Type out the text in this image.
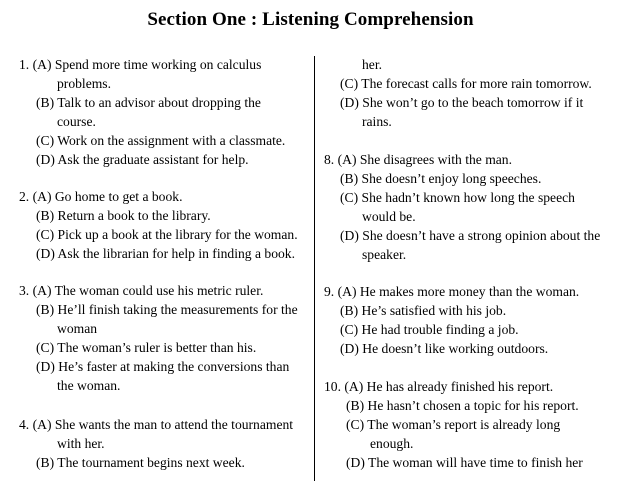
Section One : Listening Comprehension
1. (A) Spend more time working on calculus
problems.
(B) Talk to an advisor about dropping the
course.
(C) Work on the assignment with a classmate.
(D) Ask the graduate assistant for help.
2. (A) Go home to get a book.
(B) Return a book to the library.
(C) Pick up a book at the library for the woman.
(D) Ask the librarian for help in finding a book.
3. (A) The woman could use his metric ruler.
(B) He’ll finish taking the measurements for the
woman
(C) The woman’s ruler is better than his.
(D) He’s faster at making the conversions than
the woman.
4. (A) She wants the man to attend the tournament
with her.
(B) The tournament begins next week.
her.
(C) The forecast calls for more rain tomorrow.
(D) She won’t go to the beach tomorrow if it
rains.
8. (A) She disagrees with the man.
(B) She doesn’t enjoy long speeches.
(C) She hadn’t known how long the speech
would be.
(D) She doesn’t have a strong opinion about the
speaker.
9. (A) He makes more money than the woman.
(B) He’s satisfied with his job.
(C) He had trouble finding a job.
(D) He doesn’t like working outdoors.
10. (A) He has already finished his report.
(B) He hasn’t chosen a topic for his report.
(C) The woman’s report is already long
enough.
(D) The woman will have time to finish her
